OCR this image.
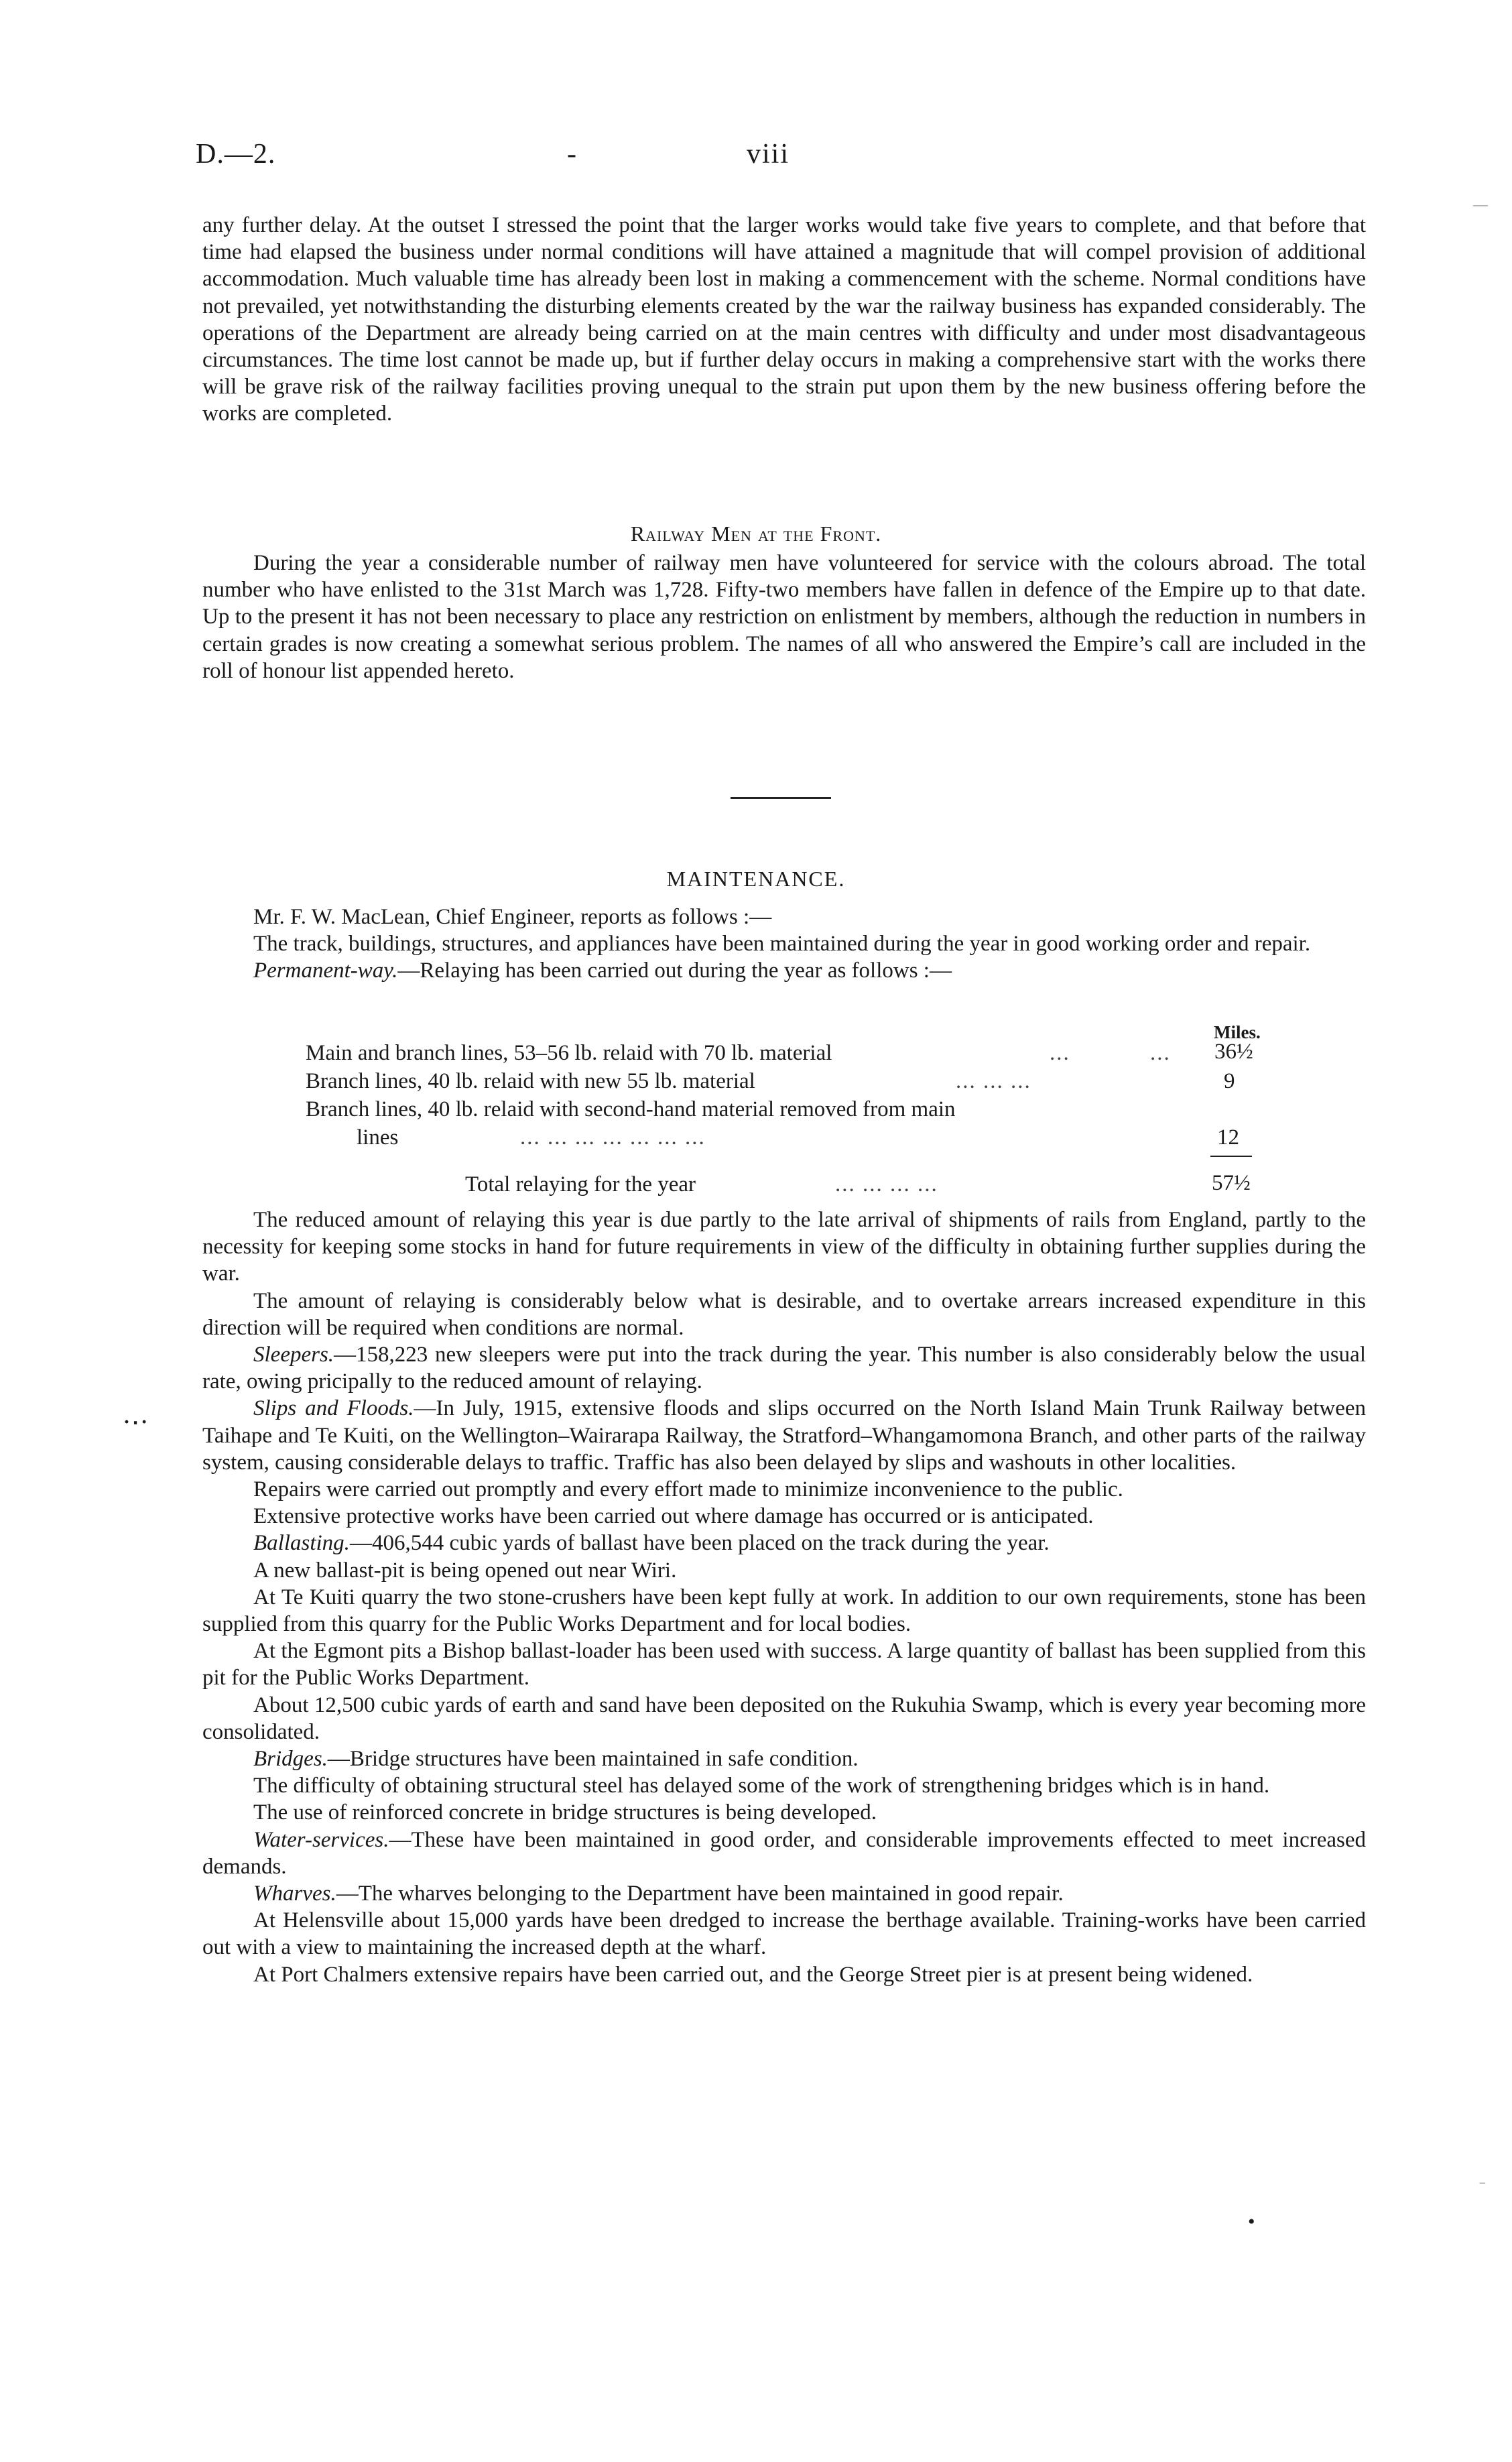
D.—2.	-	viii

any further delay. At the outset I stressed the point that the larger works would take five years to complete, and that before that time had elapsed the business under normal conditions will have attained a magnitude that will compel provision of additional accommodation. Much valuable time has already been lost in making a commencement with the scheme. Normal conditions have not prevailed, yet notwithstanding the disturbing elements created by the war the railway business has expanded considerably. The operations of the Department are already being carried on at the main centres with difficulty and under most disadvantageous circumstances. The time lost cannot be made up, but if further delay occurs in making a comprehensive start with the works there will be grave risk of the railway facilities proving unequal to the strain put upon them by the new business offering before the works are completed.

Railway Men at the Front.

During the year a considerable number of railway men have volunteered for service with the colours abroad. The total number who have enlisted to the 31st March was 1,728. Fifty-two members have fallen in defence of the Empire up to that date. Up to the present it has not been necessary to place any restriction on enlistment by members, although the reduction in numbers in certain grades is now creating a somewhat serious problem. The names of all who answered the Empire’s call are included in the roll of honour list appended hereto.

MAINTENANCE.

Mr. F. W. MacLean, Chief Engineer, reports as follows :—

The track, buildings, structures, and appliances have been maintained during the year in good working order and repair.

Permanent-way.—Relaying has been carried out during the year as follows :—

Miles.
Main and branch lines, 53–56 lb. relaid with 70 lb. material	...	... 36½
Branch lines, 40 lb. relaid with new 55 lb. material	... ... ...	9
Branch lines, 40 lb. relaid with second-hand material removed from main
lines	... ... ... ... ... ... ...	12
Total relaying for the year	... ... ... ...	57½

The reduced amount of relaying this year is due partly to the late arrival of shipments of rails from England, partly to the necessity for keeping some stocks in hand for future requirements in view of the difficulty in obtaining further supplies during the war.

The amount of relaying is considerably below what is desirable, and to overtake arrears increased expenditure in this direction will be required when conditions are normal.

Sleepers.—158,223 new sleepers were put into the track during the year. This number is also considerably below the usual rate, owing pricipally to the reduced amount of relaying.

Slips and Floods.—In July, 1915, extensive floods and slips occurred on the North Island Main Trunk Railway between Taihape and Te Kuiti, on the Wellington–Wairarapa Railway, the Stratford–Whangamomona Branch, and other parts of the railway system, causing considerable delays to traffic. Traffic has also been delayed by slips and washouts in other localities.

Repairs were carried out promptly and every effort made to minimize inconvenience to the public.

Extensive protective works have been carried out where damage has occurred or is anticipated.

Ballasting.—406,544 cubic yards of ballast have been placed on the track during the year.

A new ballast-pit is being opened out near Wiri.

At Te Kuiti quarry the two stone-crushers have been kept fully at work. In addition to our own requirements, stone has been supplied from this quarry for the Public Works Department and for local bodies.

At the Egmont pits a Bishop ballast-loader has been used with success. A large quantity of ballast has been supplied from this pit for the Public Works Department.

About 12,500 cubic yards of earth and sand have been deposited on the Rukuhia Swamp, which is every year becoming more consolidated.

Bridges.—Bridge structures have been maintained in safe condition.

The difficulty of obtaining structural steel has delayed some of the work of strengthening bridges which is in hand.

The use of reinforced concrete in bridge structures is being developed.

Water-services.—These have been maintained in good order, and considerable improvements effected to meet increased demands.

Wharves.—The wharves belonging to the Department have been maintained in good repair.

At Helensville about 15,000 yards have been dredged to increase the berthage available. Training-works have been carried out with a view to maintaining the increased depth at the wharf.

At Port Chalmers extensive repairs have been carried out, and the George Street pier is at present being widened.

·٠·
•
—
⁻
